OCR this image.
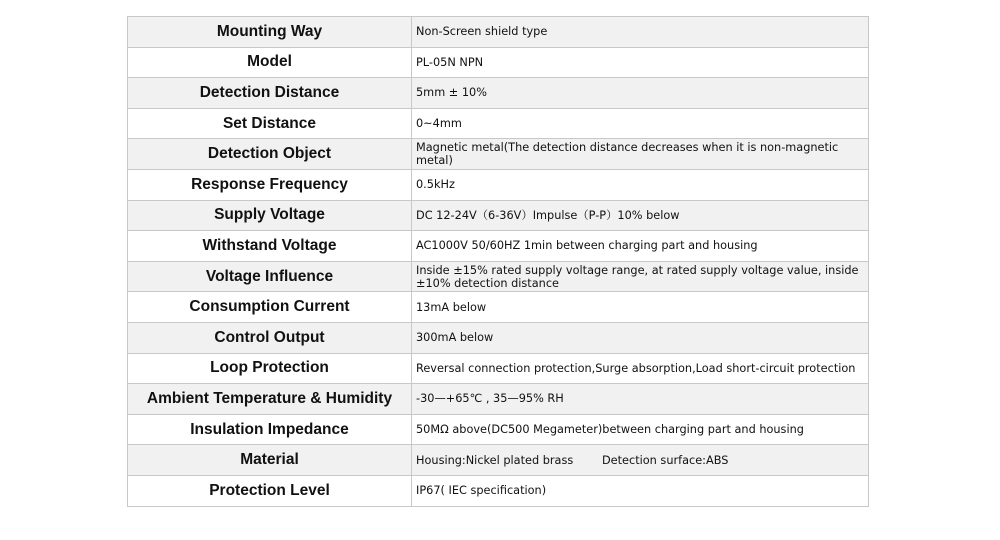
Mounting Way	Non-Screen shield type
Model	PL-05N NPN
Detection Distance	5mm ± 10%
Set Distance	0~4mm
Detection Object	Magnetic metal(The detection distance decreases when it is non-magnetic metal)
Response Frequency	0.5kHz
Supply Voltage	DC 12-24V（6-36V）Impulse（P-P）10% below
Withstand Voltage	AC1000V 50/60HZ 1min between charging part and housing
Voltage Influence	Inside ±15% rated supply voltage range, at rated supply voltage value, inside ±10% detection distance
Consumption Current	13mA below
Control Output	300mA below
Loop Protection	Reversal connection protection,Surge absorption,Load short-circuit protection
Ambient Temperature & Humidity	-30—+65℃ , 35—95% RH
Insulation Impedance	50MΩ above(DC500 Megameter)between charging part and housing
Material	Housing:Nickel plated brass        Detection surface:ABS
Protection Level	IP67( IEC specification)
